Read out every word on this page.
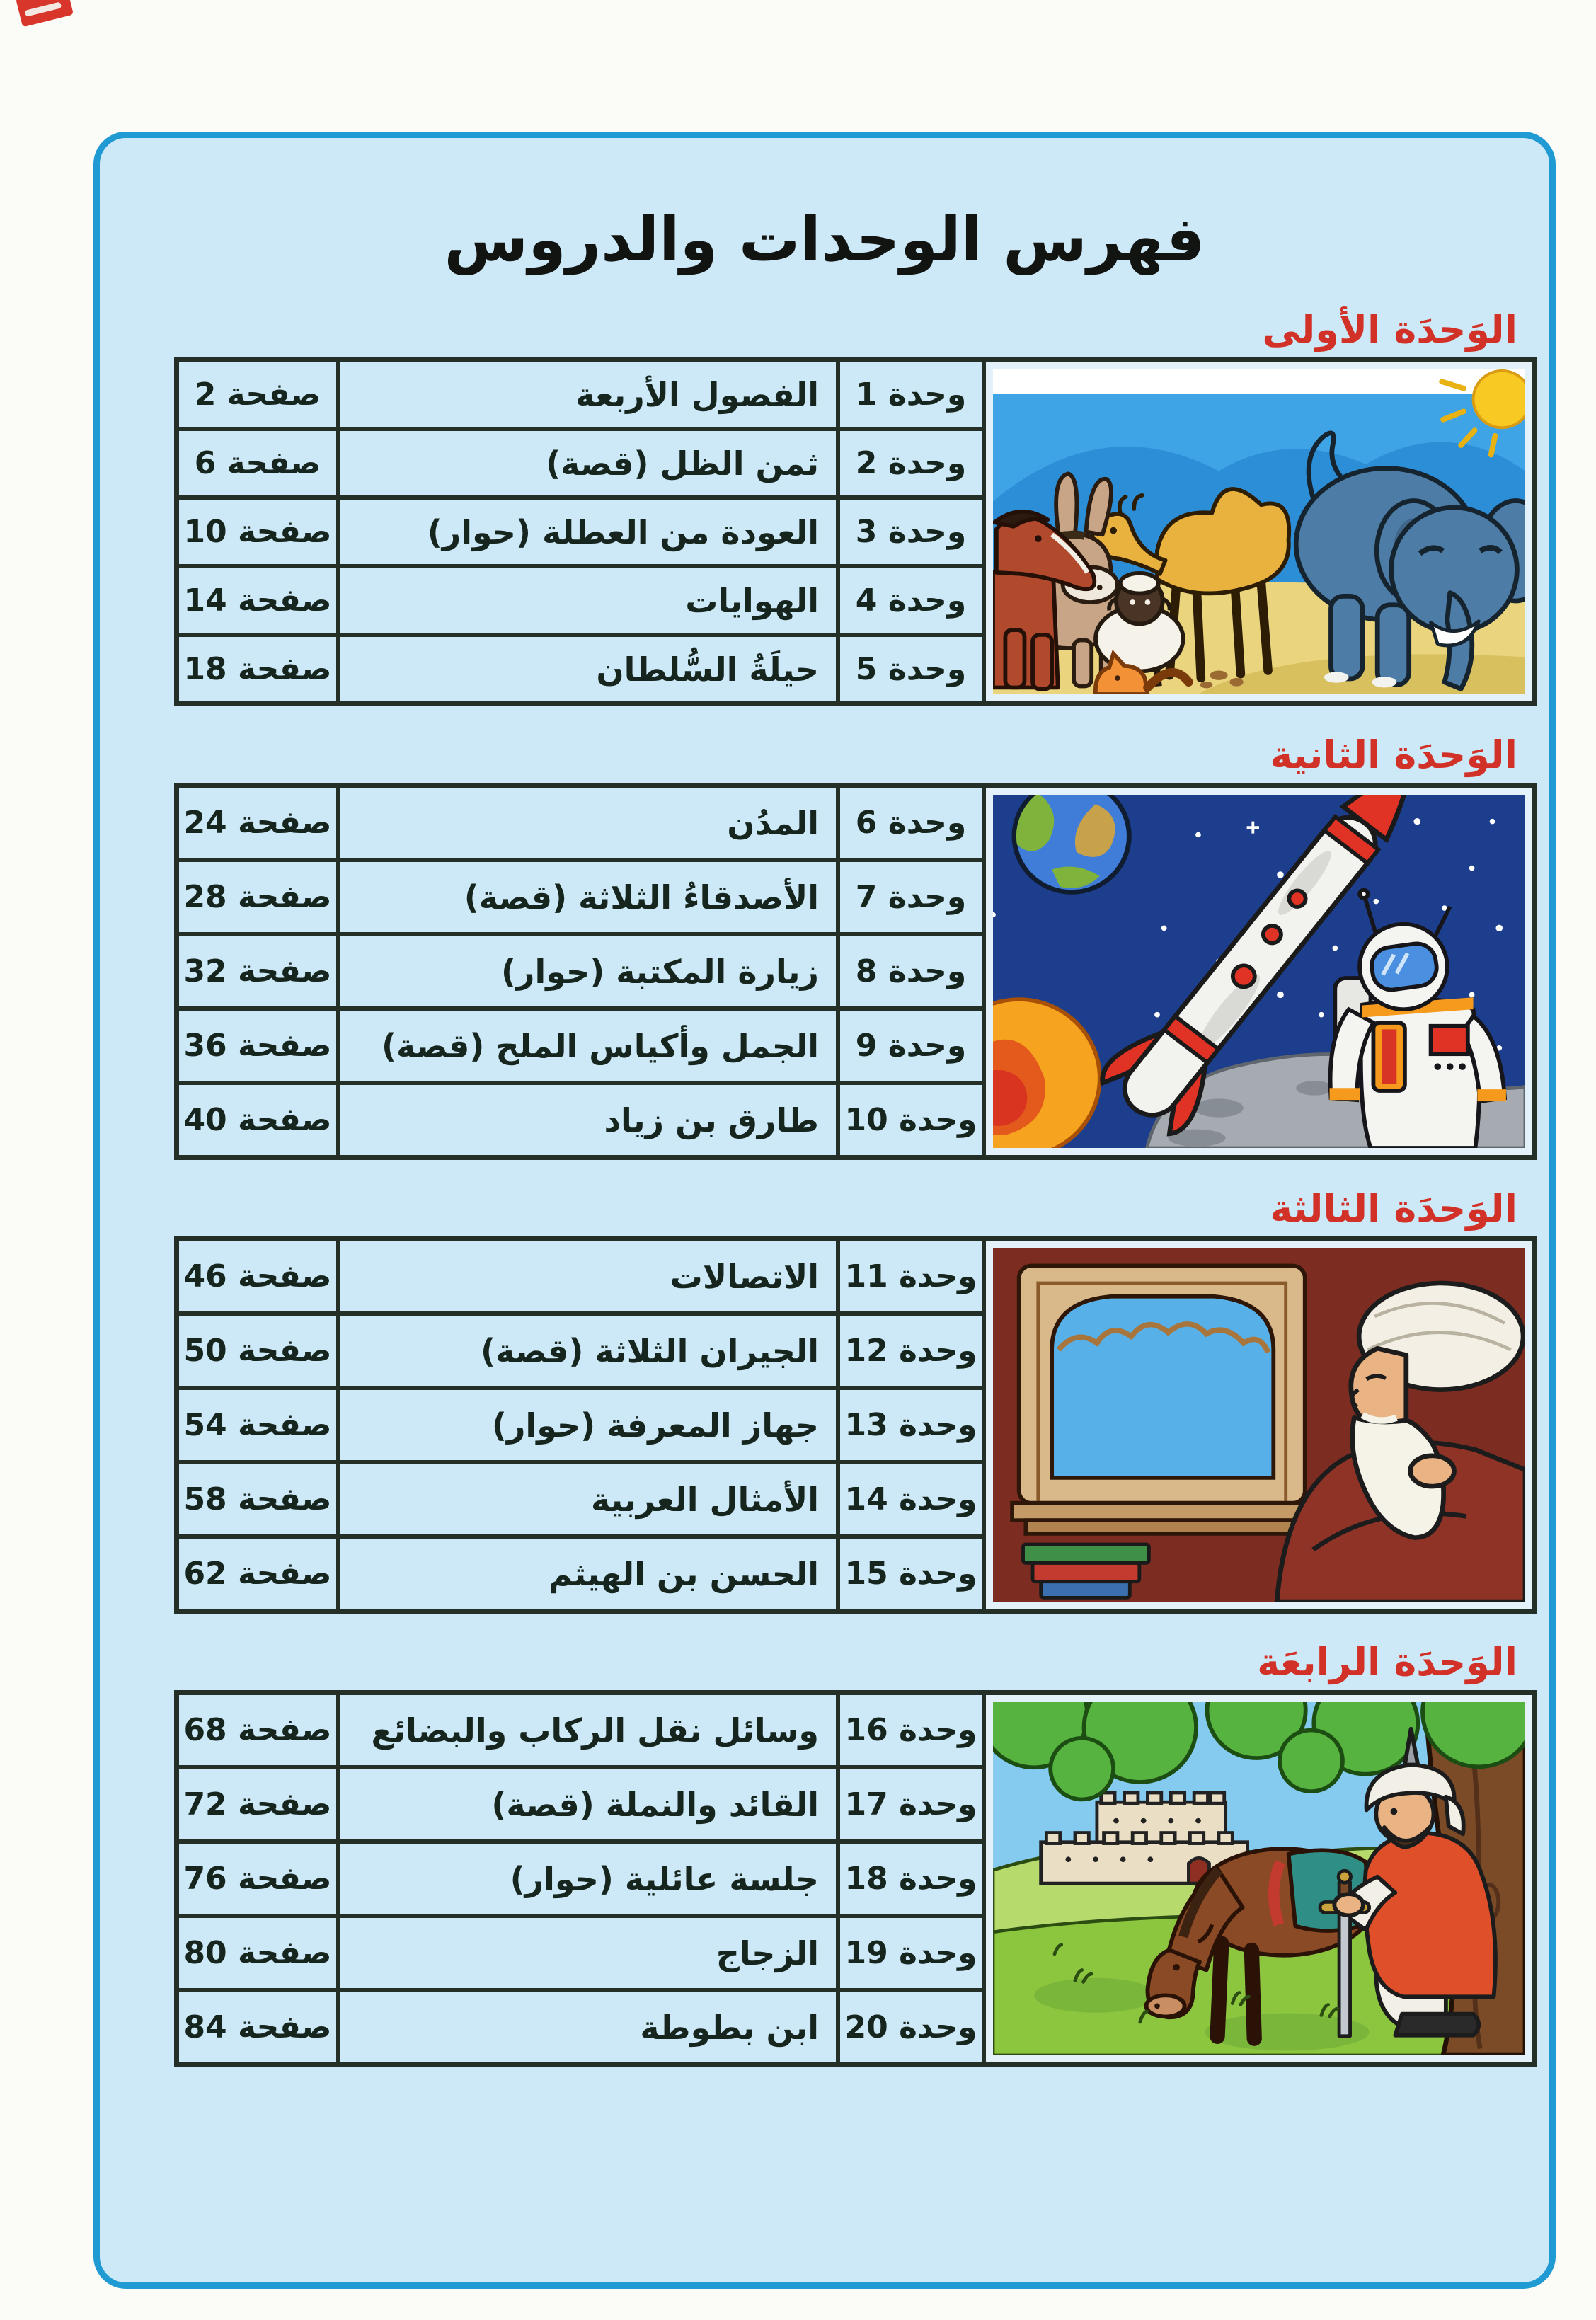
فهرس الوحدات والدروس
الوَحدَة الأولى
صفحة 2	الفصول الأربعة	وحدة 1
صفحة 6	ثمن الظل (قصة)	وحدة 2
صفحة 10	العودة من العطلة (حوار)	وحدة 3
صفحة 14	الهوايات	وحدة 4
صفحة 18	حيلَةُ السُّلطان	وحدة 5
الوَحدَة الثانية
صفحة 24	المدُن	وحدة 6
صفحة 28	الأصدقاءُ الثلاثة (قصة)	وحدة 7
صفحة 32	زيارة المكتبة (حوار)	وحدة 8
صفحة 36	الجمل وأكياس الملح (قصة)	وحدة 9
صفحة 40	طارق بن زياد وحدة 10
الوَحدَة الثالثة
صفحة 46	الاتصالات وحدة 11
صفحة 50	الجيران الثلاثة (قصة) وحدة 12
صفحة 54	جهاز المعرفة (حوار) وحدة 13
صفحة 58	الأمثال العربية وحدة 14
صفحة 62	الحسن بن الهيثم وحدة 15
الوَحدَة الرابعَة
صفحة 68	وسائل نقل الركاب والبضائع وحدة 16
صفحة 72	القائد والنملة (قصة) وحدة 17
صفحة 76	جلسة عائلية (حوار) وحدة 18
صفحة 80	الزجاج وحدة 19
صفحة 84	ابن بطوطة وحدة 20
